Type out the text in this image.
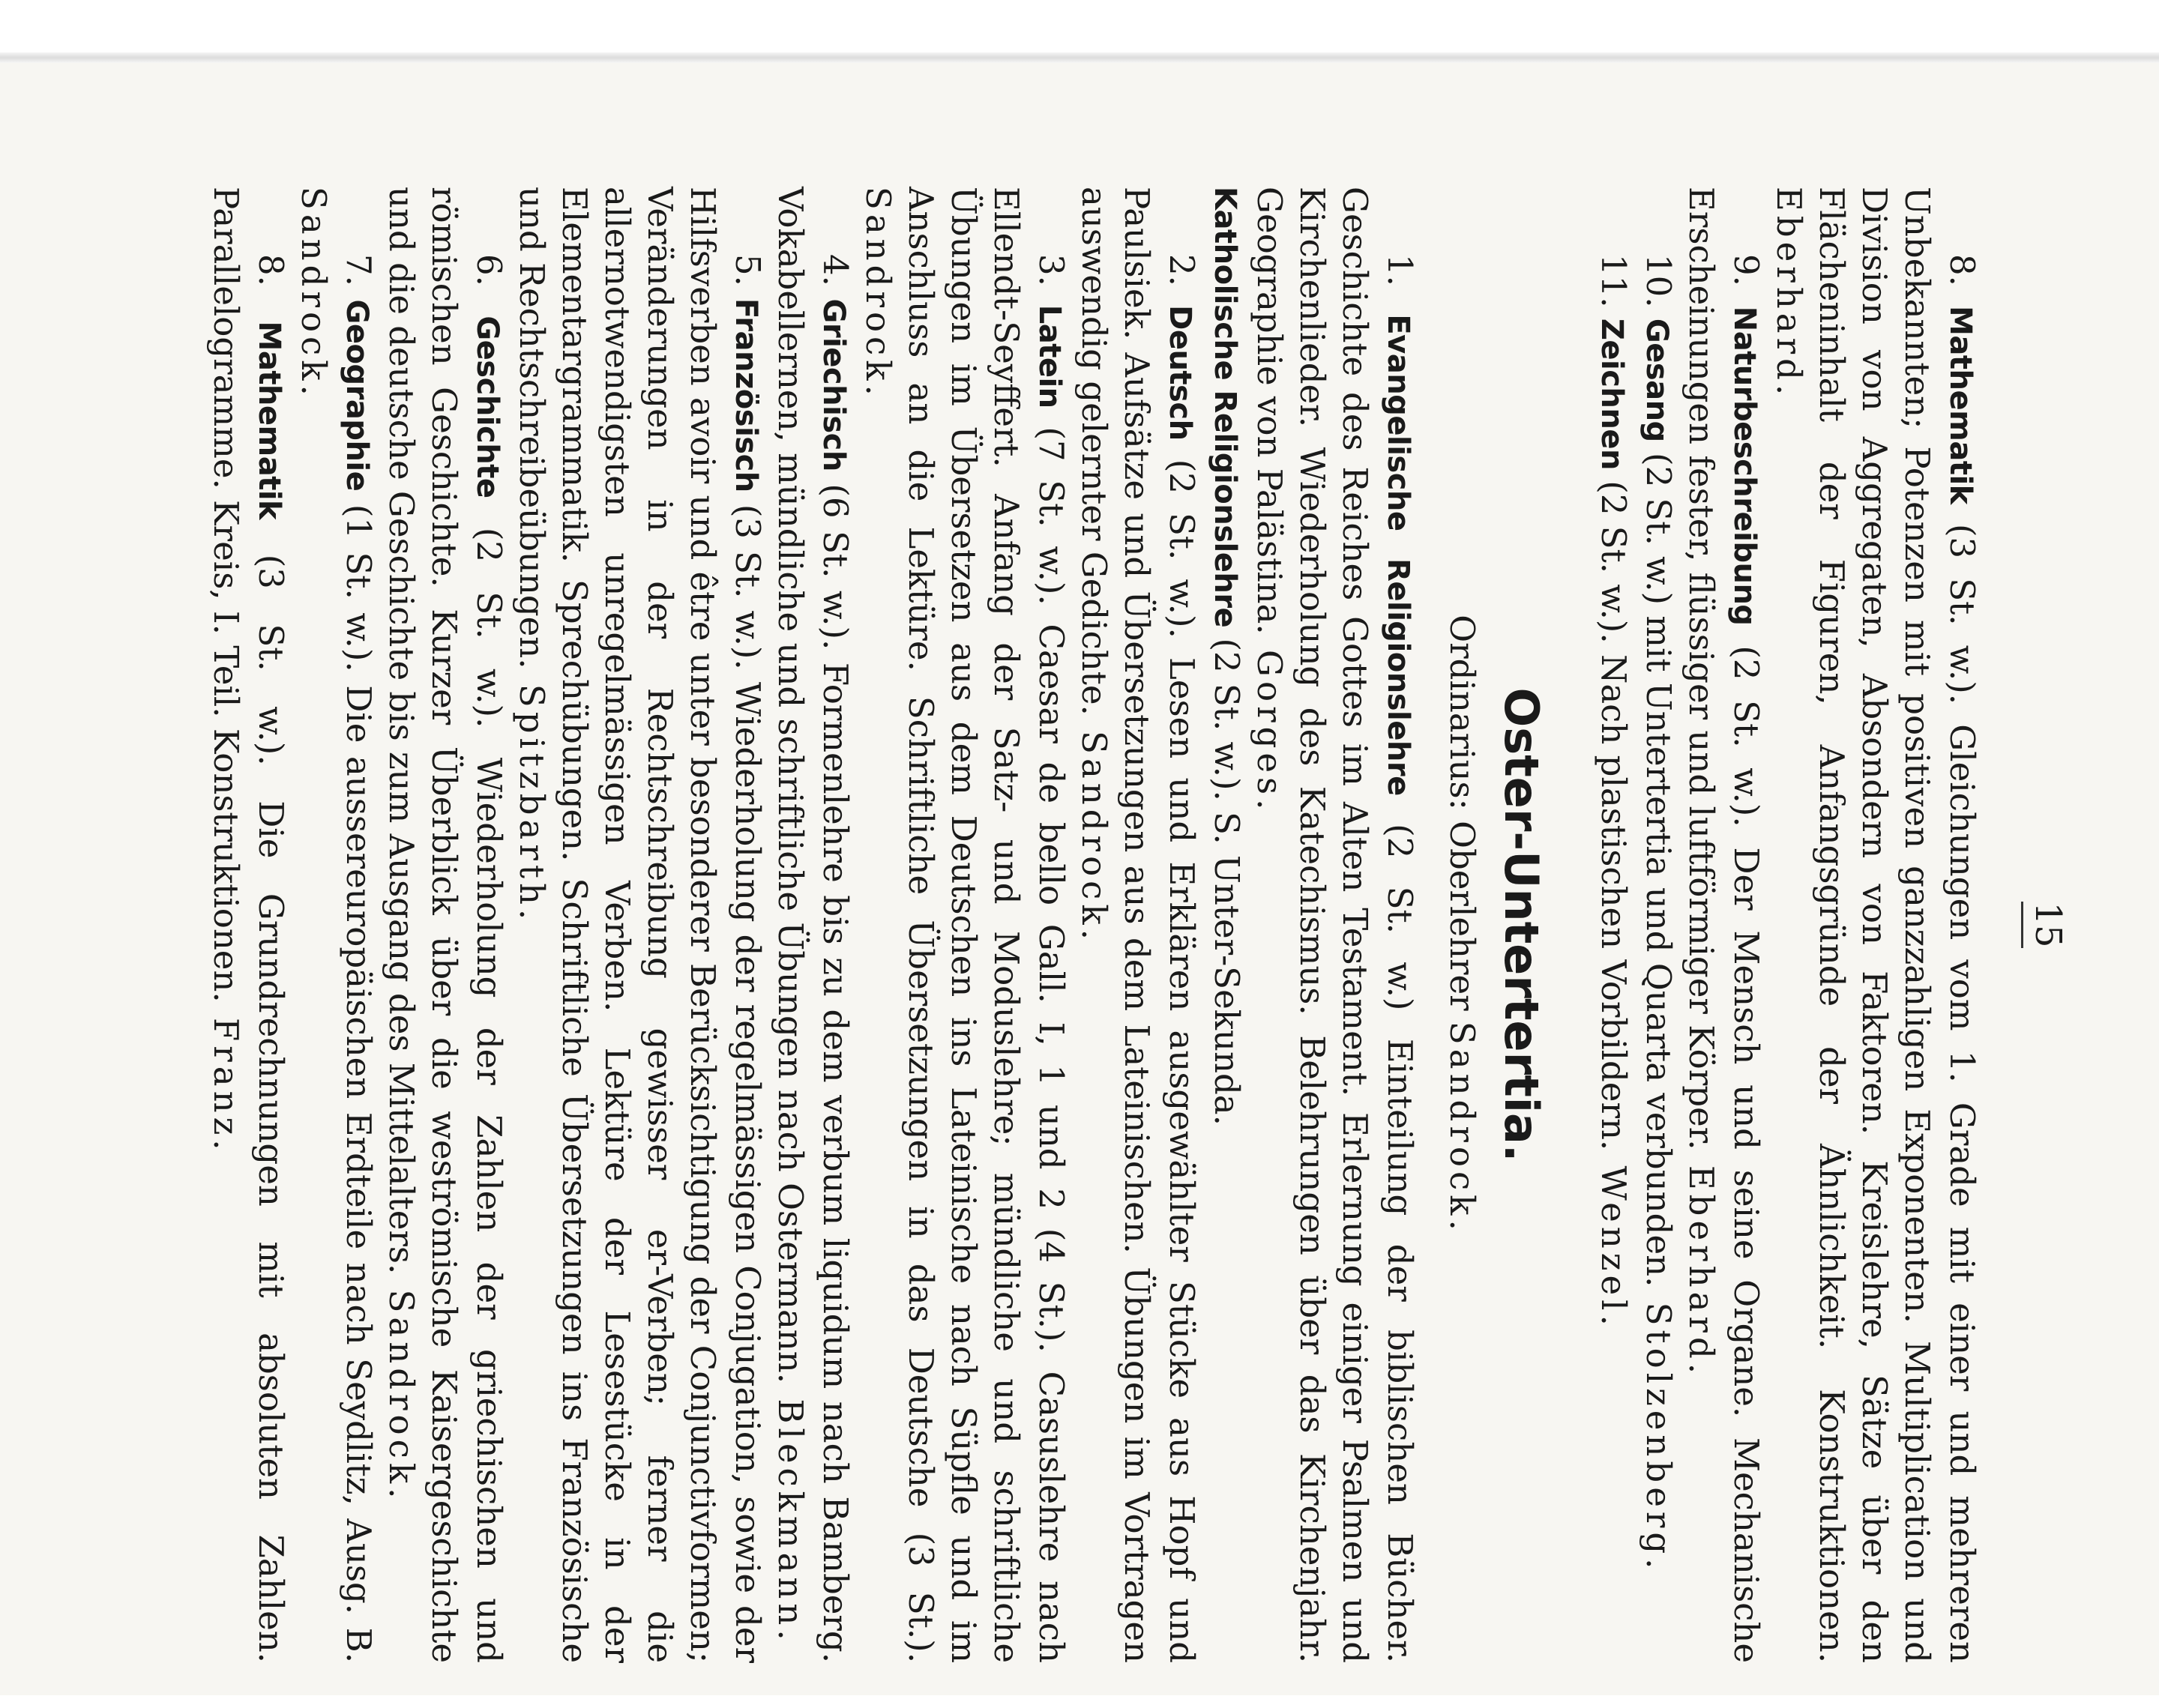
15

8. Mathematik (3 St. w.). Gleichungen vom 1. Grade mit einer und mehreren Unbekannten; Potenzen mit positiven ganzzahligen Exponenten. Multiplication und Division von Aggregaten, Absondern von Faktoren. Kreislehre, Sätze über den Flächeninhalt der Figuren, Anfangsgründe der Ähnlichkeit. Konstruktionen. Eberhard.

9. Naturbeschreibung (2 St. w.). Der Mensch und seine Organe. Mechanische Erscheinungen fester, flüssiger und luftförmiger Körper. Eberhard.

10. Gesang (2 St. w.) mit Untertertia und Quarta verbunden. Stolzenberg.

11. Zeichnen (2 St. w.). Nach plastischen Vorbildern. Wenzel.

Oster-Untertertia.

Ordinarius: Oberlehrer Sandrock.

1. Evangelische Religionslehre (2 St. w.) Einteilung der biblischen Bücher. Geschichte des Reiches Gottes im Alten Testament. Erlernung einiger Psalmen und Kirchenlieder. Wiederholung des Katechismus. Belehrungen über das Kirchenjahr. Geographie von Palästina. Gorges.

Katholische Religionslehre (2 St. w.). S. Unter-Sekunda.

2. Deutsch (2 St. w.). Lesen und Erklären ausgewählter Stücke aus Hopf und Paulsiek. Aufsätze und Übersetzungen aus dem Lateinischen. Übungen im Vortragen auswendig gelernter Gedichte. Sandrock.

3. Latein (7 St. w.). Caesar de bello Gall. I, 1 und 2 (4 St.). Casuslehre nach Ellendt-Seyffert. Anfang der Satz- und Moduslehre; mündliche und schriftliche Übungen im Übersetzen aus dem Deutschen ins Lateinische nach Süpfle und im Anschluss an die Lektüre. Schriftliche Übersetzungen in das Deutsche (3 St.). Sandrock.

4. Griechisch (6 St. w.). Formenlehre bis zu dem verbum liquidum nach Bamberg. Vokabellernen, mündliche und schriftliche Übungen nach Ostermann. Bleckmann.

5. Französisch (3 St. w.). Wiederholung der regelmässigen Conjugation, sowie der Hilfsverben avoir und être unter besonderer Berücksichtigung der Conjunctivformen; Veränderungen in der Rechtschreibung gewisser er-Verben; ferner die allernotwendigsten unregelmässigen Verben. Lektüre der Lesestücke in der Elementargrammatik. Sprechübungen. Schriftliche Übersetzungen ins Französische und Rechtschreibeübungen. Spitzbarth.

6. Geschichte (2 St. w.). Wiederholung der Zahlen der griechischen und römischen Geschichte. Kurzer Überblick über die weströmische Kaisergeschichte und die deutsche Geschichte bis zum Ausgang des Mittelalters. Sandrock.

7. Geographie (1 St. w.). Die aussereuropäischen Erdteile nach Seydlitz, Ausg. B. Sandrock.

8. Mathematik (3 St. w.). Die Grundrechnungen mit absoluten Zahlen. Parallelogramme. Kreis, I. Teil. Konstruktionen. Franz.
